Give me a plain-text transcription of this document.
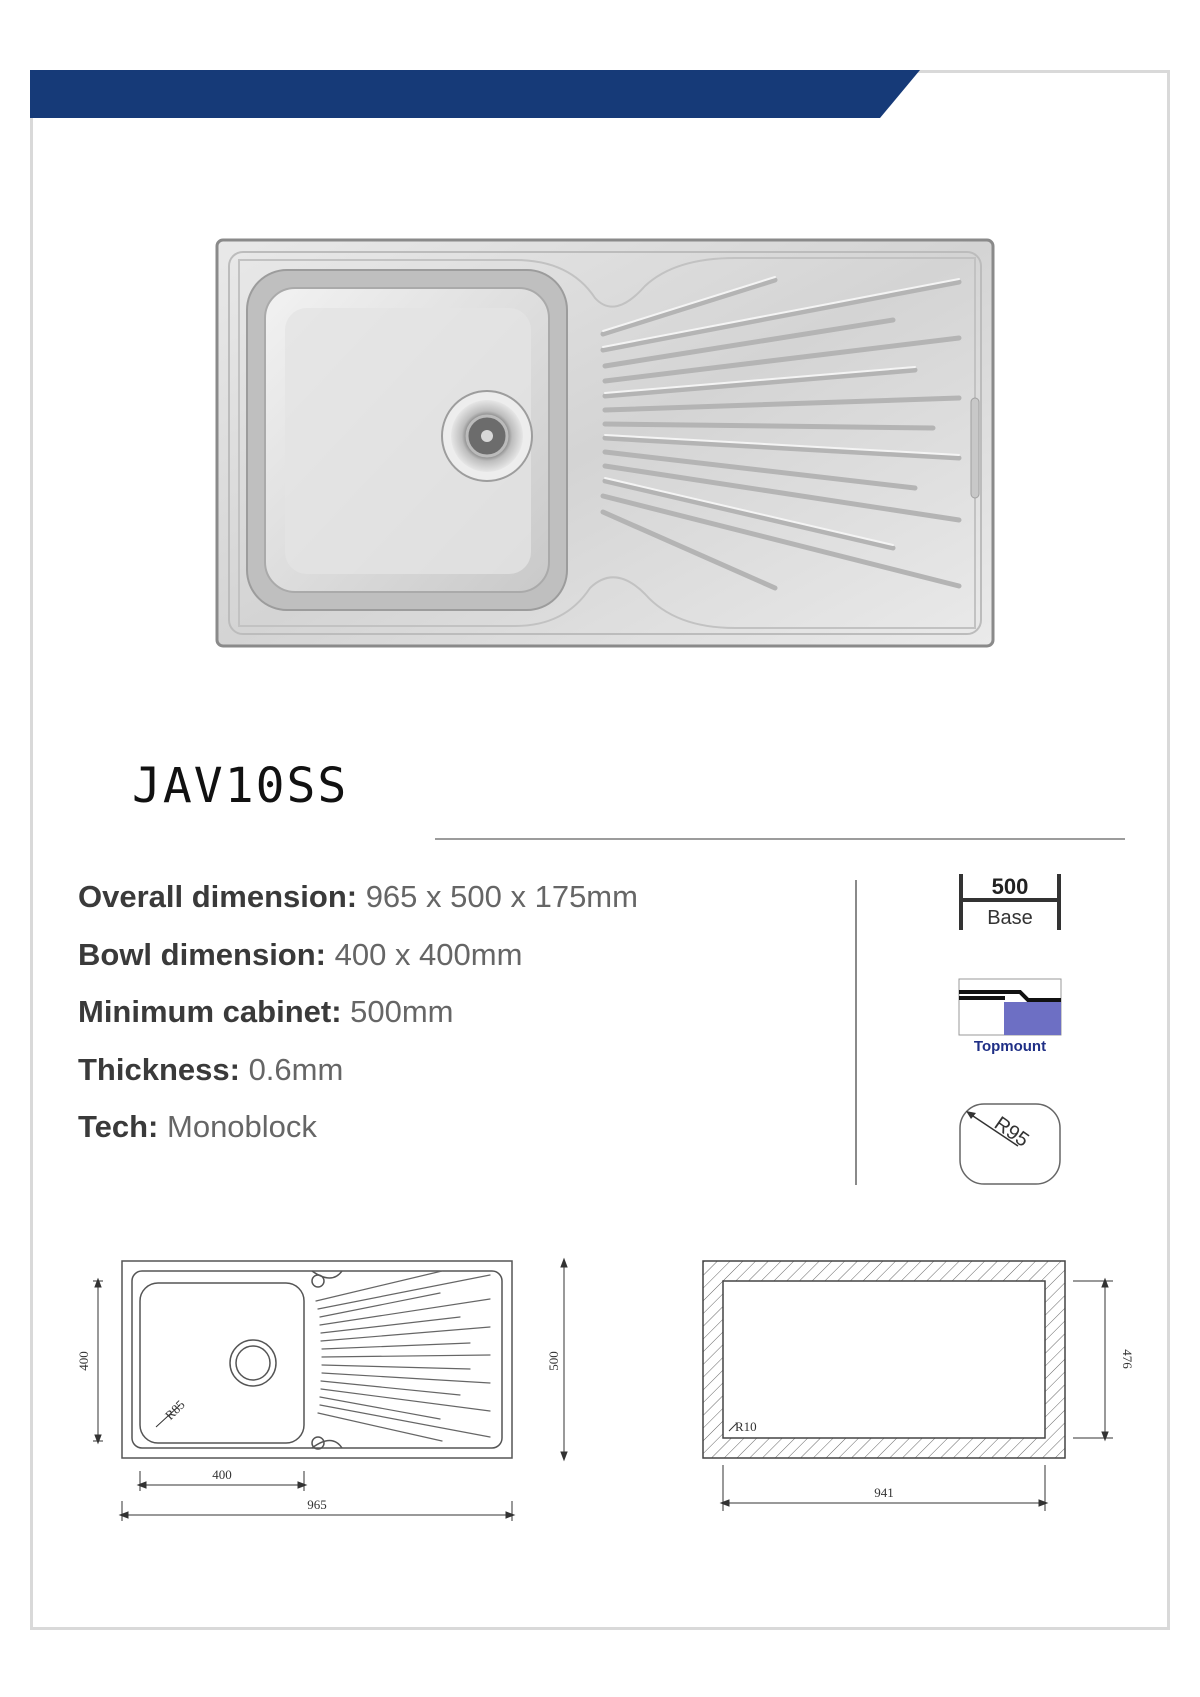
JAV10SS
Overall dimension: 965 x 500 x 175mm
Bowl dimension: 400 x 400mm
Minimum cabinet: 500mm
Thickness: 0.6mm
Tech: Monoblock
500
Base
Topmount
R95
400	500
400
965
R85
476
941
R10
